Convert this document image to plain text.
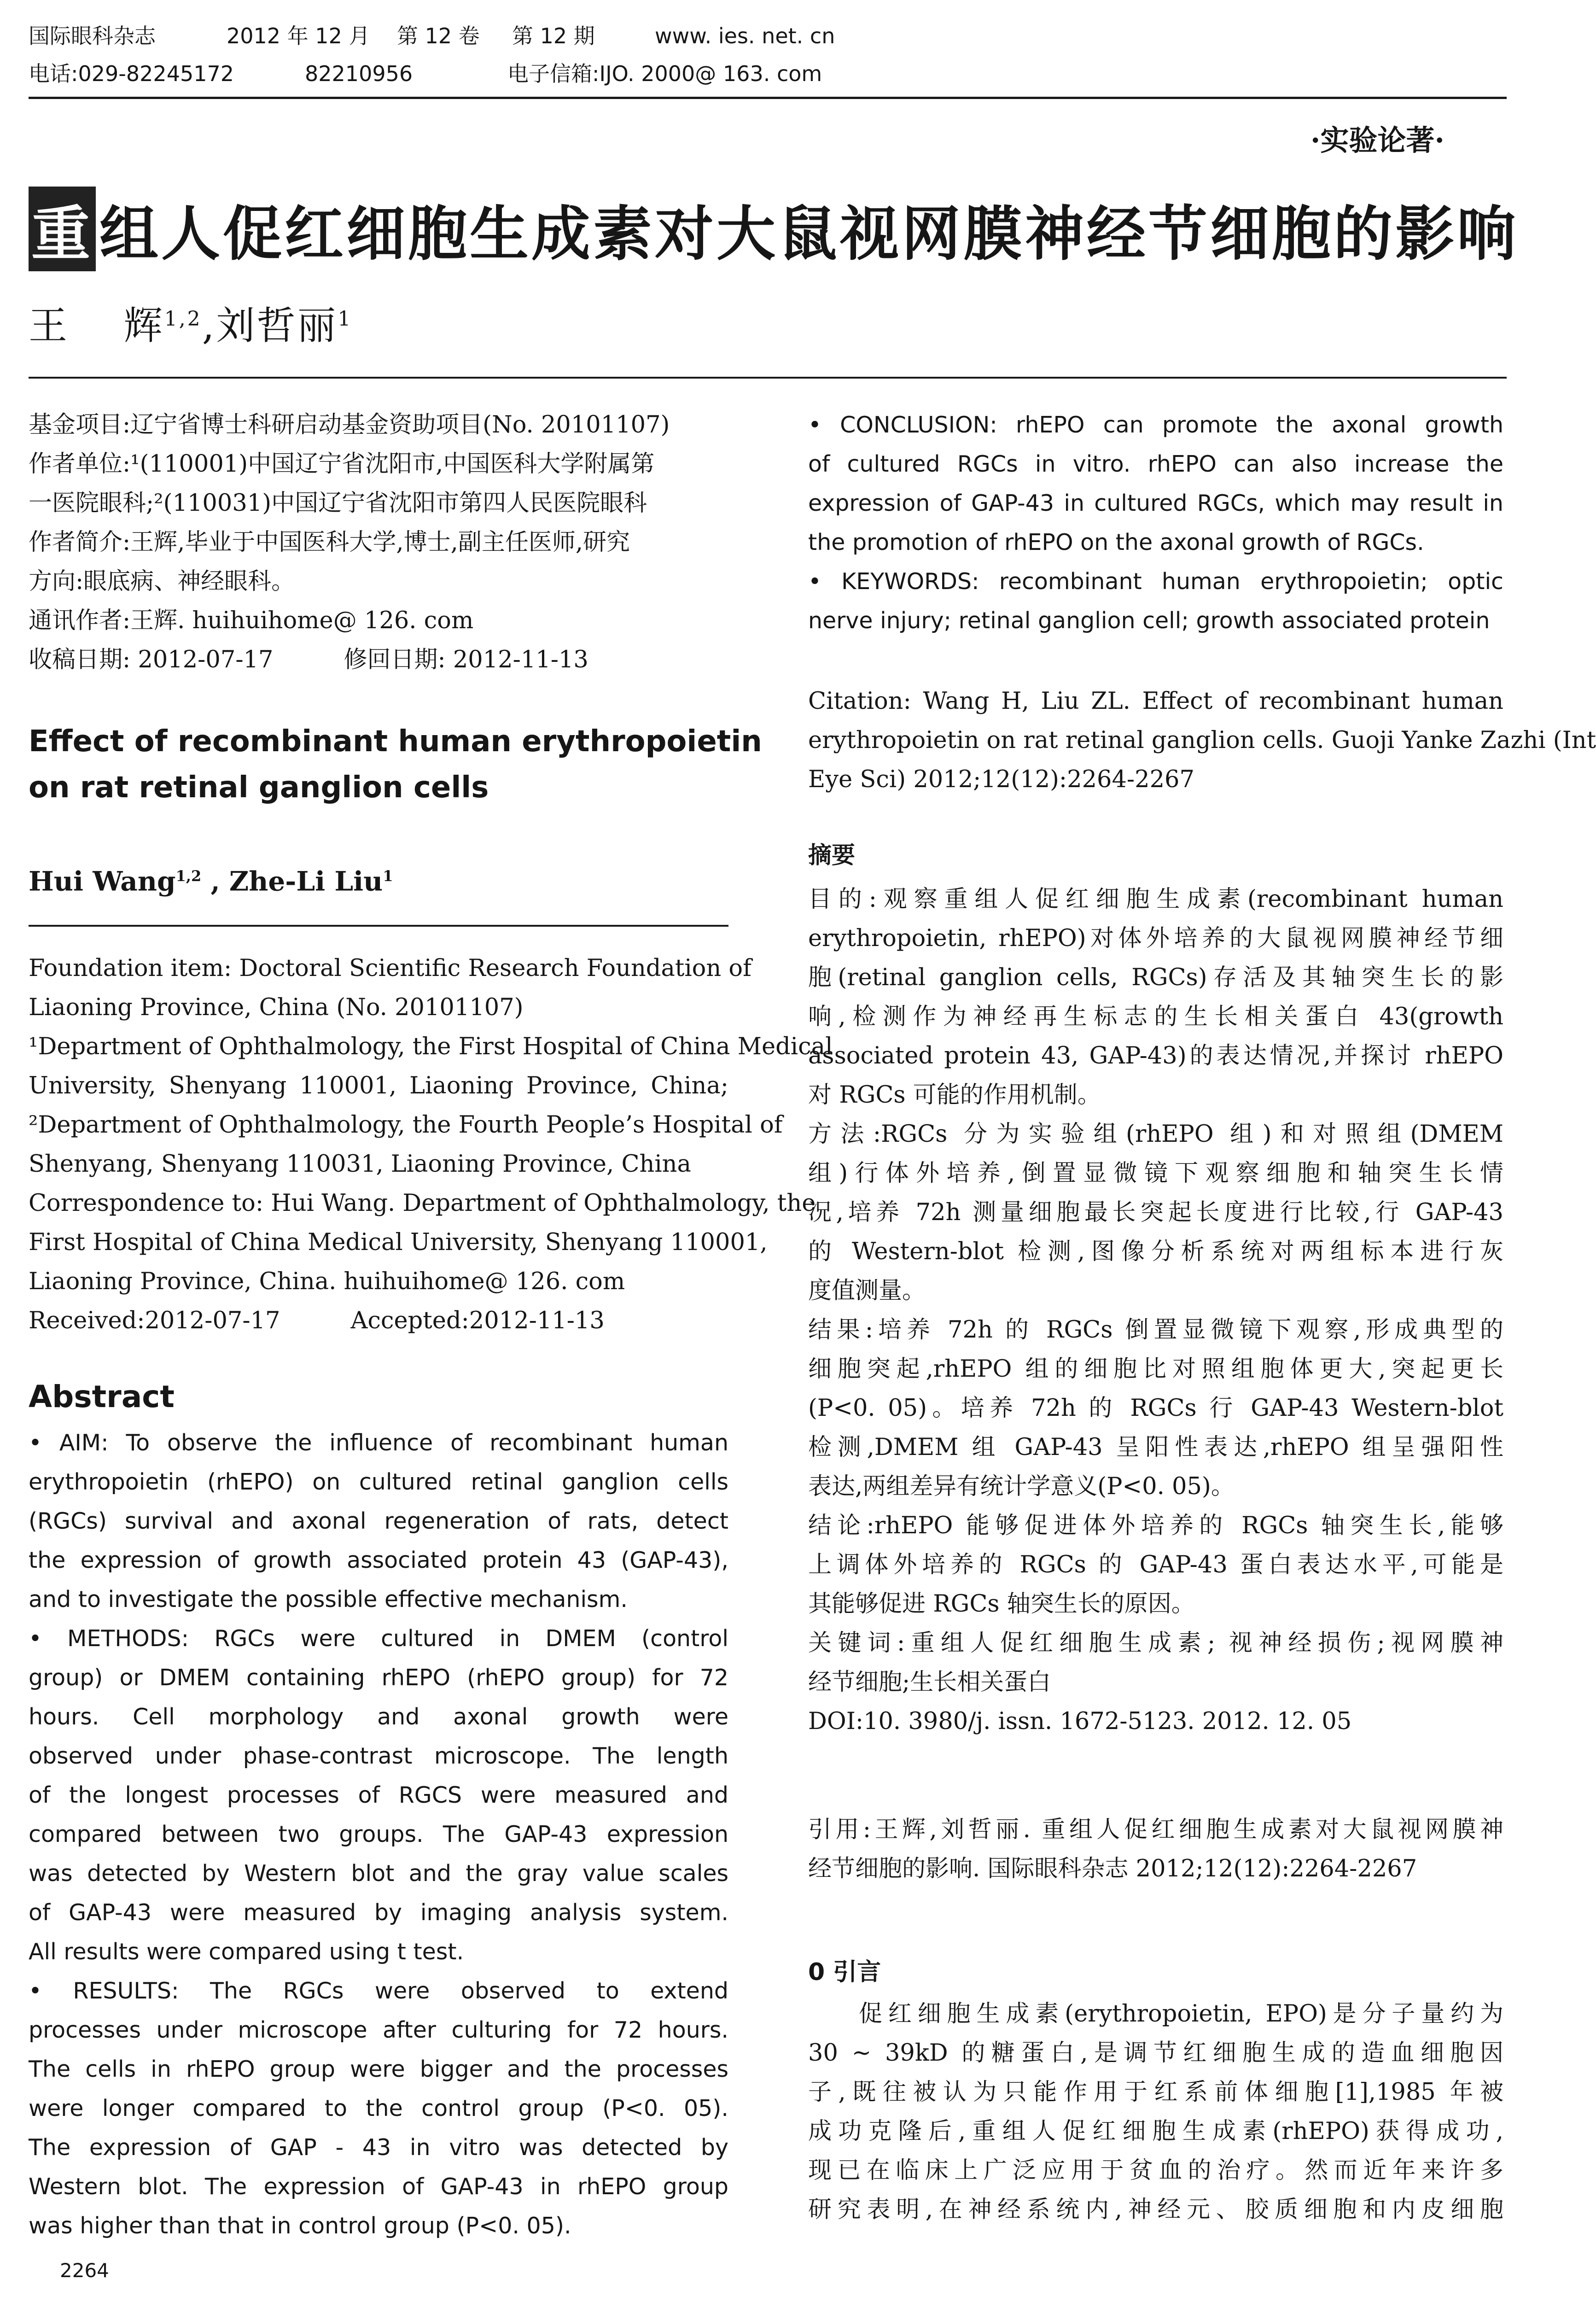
国际眼科杂志	2012 年 12 月 第 12 卷 第 12 期	www. ies. net. cn
电话:029-82245172	82210956	电子信箱:IJO. 2000@ 163. com
·实验论著·
重 组人促红细胞生成素对大鼠视网膜神经节细胞的影响
王　 辉$^{1,2}$,刘哲丽$^1$
基金项目:辽宁省博士科研启动基金资助项目(No. 20101107)
作者单位:¹(110001)中国辽宁省沈阳市,中国医科大学附属第
一医院眼科;²(110031)中国辽宁省沈阳市第四人民医院眼科
作者简介:王辉,毕业于中国医科大学,博士,副主任医师,研究
方向:眼底病、神经眼科。
通讯作者:王辉. huihuihome@ 126. com
收稿日期: 2012-07-17　　　修回日期: 2012-11-13
Effect of recombinant human erythropoietin
on rat retinal ganglion cells
Hui Wang$^{1,2}$ , Zhe-Li Liu$^1$
Foundation item: Doctoral Scientific Research Foundation of
Liaoning Province, China (No. 20101107)
¹Department of Ophthalmology, the First Hospital of China Medical
University, Shenyang 110001, Liaoning Province, China;
²Department of Ophthalmology, the Fourth People’s Hospital of
Shenyang, Shenyang 110031, Liaoning Province, China
Correspondence to: Hui Wang. Department of Ophthalmology, the
First Hospital of China Medical University, Shenyang 110001,
Liaoning Province, China. huihuihome@ 126. com
Received:2012-07-17　　　Accepted:2012-11-13
Abstract
• AIM: To observe the influence of recombinant human
erythropoietin (rhEPO) on cultured retinal ganglion cells
(RGCs) survival and axonal regeneration of rats, detect
the expression of growth associated protein 43 (GAP-43),
and to investigate the possible effective mechanism.
• METHODS: RGCs were cultured in DMEM (control
group) or DMEM containing rhEPO (rhEPO group) for 72
hours. Cell morphology and axonal growth were
observed under phase-contrast microscope. The length
of the longest processes of RGCS were measured and
compared between two groups. The GAP-43 expression
was detected by Western blot and the gray value scales
of GAP-43 were measured by imaging analysis system.
All results were compared using t test.
• RESULTS: The RGCs were observed to extend
processes under microscope after culturing for 72 hours.
The cells in rhEPO group were bigger and the processes
were longer compared to the control group (P<0. 05).
The expression of GAP - 43 in vitro was detected by
Western blot. The expression of GAP-43 in rhEPO group
was higher than that in control group (P<0. 05).
• CONCLUSION: rhEPO can promote the axonal growth
of cultured RGCs in vitro. rhEPO can also increase the
expression of GAP-43 in cultured RGCs, which may result in
the promotion of rhEPO on the axonal growth of RGCs.
• KEYWORDS: recombinant human erythropoietin; optic
nerve injury; retinal ganglion cell; growth associated protein
Citation: Wang H, Liu ZL. Effect of recombinant human
erythropoietin on rat retinal ganglion cells. Guoji Yanke Zazhi (Int
Eye Sci) 2012;12(12):2264-2267
摘要
目的:观察重组人促红细胞生成素(recombinant human
erythropoietin, rhEPO)对体外培养的大鼠视网膜神经节细
胞(retinal ganglion cells, RGCs)存活及其轴突生长的影
响,检测作为神经再生标志的生长相关蛋白 43(growth
associated protein 43, GAP-43)的表达情况,并探讨 rhEPO
对 RGCs 可能的作用机制。
方法:RGCs 分为实验组(rhEPO 组)和对照组(DMEM
组)行体外培养,倒置显微镜下观察细胞和轴突生长情
况,培养 72h 测量细胞最长突起长度进行比较,行 GAP-43
的 Western-blot 检测,图像分析系统对两组标本进行灰
度值测量。
结果:培养 72h 的 RGCs 倒置显微镜下观察,形成典型的
细胞突起,rhEPO 组的细胞比对照组胞体更大,突起更长
(P<0. 05)。培养 72h 的 RGCs 行 GAP-43 Western-blot
检测,DMEM 组 GAP-43 呈阳性表达,rhEPO 组呈强阳性
表达,两组差异有统计学意义(P<0. 05)。
结论:rhEPO 能够促进体外培养的 RGCs 轴突生长,能够
上调体外培养的 RGCs 的 GAP-43 蛋白表达水平,可能是
其能够促进 RGCs 轴突生长的原因。
关键词:重组人促红细胞生成素; 视神经损伤;视网膜神
经节细胞;生长相关蛋白
DOI:10. 3980/j. issn. 1672-5123. 2012. 12. 05
引用:王辉,刘哲丽. 重组人促红细胞生成素对大鼠视网膜神
经节细胞的影响. 国际眼科杂志 2012;12(12):2264-2267
0 引言
促红细胞生成素(erythropoietin, EPO)是分子量约为
30 ~ 39kD 的糖蛋白,是调节红细胞生成的造血细胞因
子,既往被认为只能作用于红系前体细胞[1],1985 年被
成功克隆后,重组人促红细胞生成素(rhEPO)获得成功,
现已在临床上广泛应用于贫血的治疗。然而近年来许多
研究表明,在神经系统内,神经元、胶质细胞和内皮细胞
2264
